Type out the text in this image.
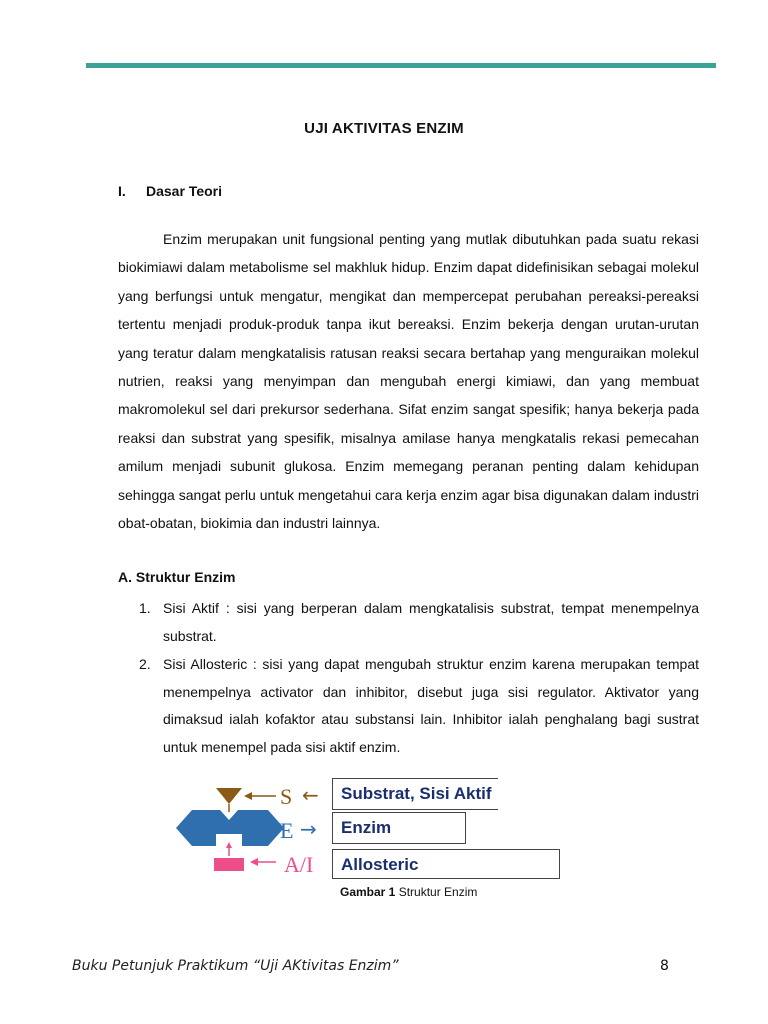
UJI AKTIVITAS ENZIM
I. Dasar Teori
Enzim merupakan unit fungsional penting yang mutlak dibutuhkan pada suatu rekasi biokimiawi dalam metabolisme sel makhluk hidup. Enzim dapat didefinisikan sebagai molekul yang berfungsi untuk mengatur, mengikat dan mempercepat perubahan pereaksi-pereaksi tertentu menjadi produk-produk tanpa ikut bereaksi. Enzim bekerja dengan urutan-urutan yang teratur dalam mengkatalisis ratusan reaksi secara bertahap yang menguraikan molekul nutrien, reaksi yang menyimpan dan mengubah energi kimiawi, dan yang membuat makromolekul sel dari prekursor sederhana. Sifat enzim sangat spesifik; hanya bekerja pada reaksi dan substrat yang spesifik, misalnya amilase hanya mengkatalis rekasi pemecahan amilum menjadi subunit glukosa. Enzim memegang peranan penting dalam kehidupan sehingga sangat perlu untuk mengetahui cara kerja enzim agar bisa digunakan dalam industri obat-obatan, biokimia dan industri lainnya.
A. Struktur Enzim
1. Sisi Aktif : sisi yang berperan dalam mengkatalisis substrat, tempat menempelnya substrat.
2. Sisi Allosteric : sisi yang dapat mengubah struktur enzim karena merupakan tempat menempelnya activator dan inhibitor, disebut juga sisi regulator. Aktivator yang dimaksud ialah kofaktor atau substansi lain. Inhibitor ialah penghalang bagi sustrat untuk menempel pada sisi aktif enzim.
S ←
E →
A/I
Substrat, Sisi Aktif
Enzim
Allosteric
Gambar 1 Struktur Enzim
Buku Petunjuk Praktikum “Uji AKtivitas Enzim”	8
